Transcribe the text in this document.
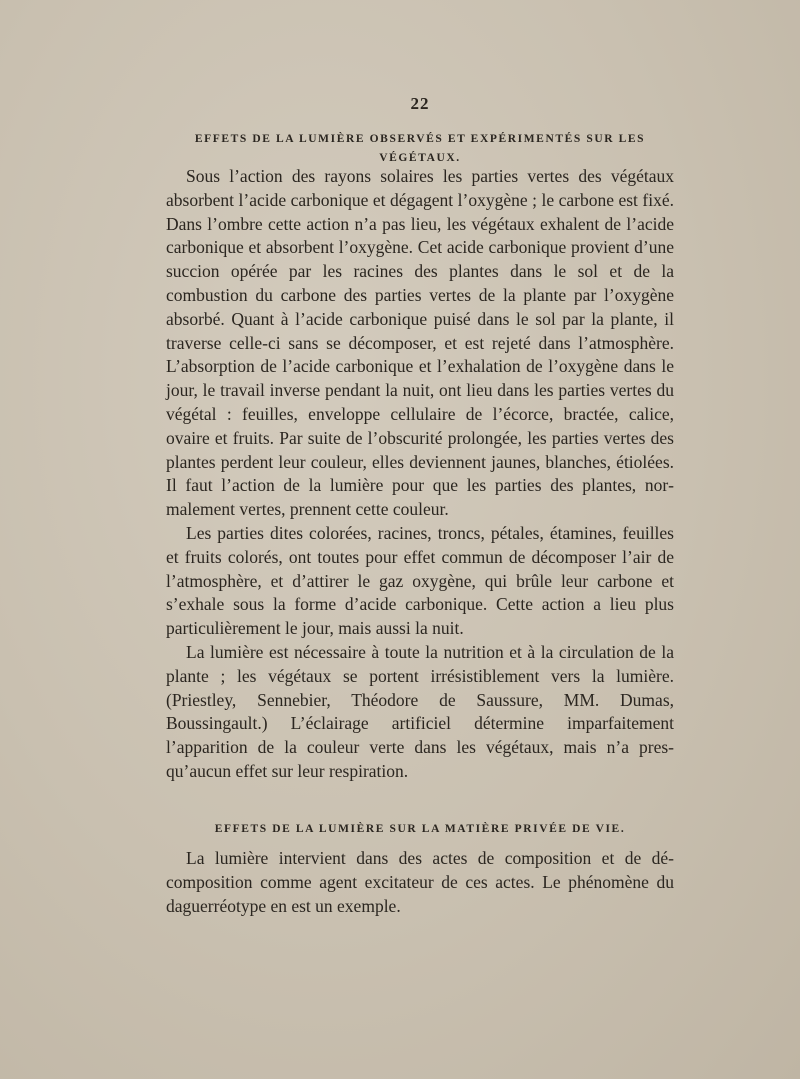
22

EFFETS DE LA LUMIÈRE OBSERVÉS ET EXPÉRIMENTÉS SUR LES VÉGÉTAUX.

Sous l’action des rayons solaires les parties vertes des végétaux absorbent l’acide carbonique et dégagent l’oxygène ; le carbone est fixé. Dans l’ombre cette action n’a pas lieu, les végétaux exhalent de l’acide carbonique et absorbent l’oxygène. Cet acide carbonique provient d’une succion opérée par les racines des plantes dans le sol et de la combustion du carbone des parties vertes de la plante par l’oxygène absorbé. Quant à l’acide carbonique puisé dans le sol par la plante, il traverse celle-ci sans se décomposer, et est rejeté dans l’atmosphère. L’absorption de l’acide carbonique et l’exhalation de l’oxygène dans le jour, le travail inverse pendant la nuit, ont lieu dans les parties vertes du végétal : feuilles, enveloppe cellulaire de l’écorce, bractée, calice, ovaire et fruits. Par suite de l’obscurité prolongée, les parties vertes des plantes perdent leur couleur, elles deviennent jaunes, blanches, étiolées. Il faut l’action de la lumière pour que les parties des plantes, normalement vertes, prennent cette couleur.

Les parties dites colorées, racines, troncs, pétales, étamines, feuilles et fruits colorés, ont toutes pour effet commun de décomposer l’air de l’atmosphère, et d’attirer le gaz oxygène, qui brûle leur carbone et s’exhale sous la forme d’acide carbonique. Cette action a lieu plus particulièrement le jour, mais aussi la nuit.

La lumière est nécessaire à toute la nutrition et à la circulation de la plante ; les végétaux se portent irrésistiblement vers la lumière. (Priestley, Sennebier, Théodore de Saussure, MM. Dumas, Boussingault.) L’éclairage artificiel détermine imparfaitement l’apparition de la couleur verte dans les végétaux, mais n’a presqu’aucun effet sur leur respiration.

EFFETS DE LA LUMIÈRE SUR LA MATIÈRE PRIVÉE DE VIE.

La lumière intervient dans des actes de composition et de décomposition comme agent excitateur de ces actes. Le phénomène du daguerréotype en est un exemple.
